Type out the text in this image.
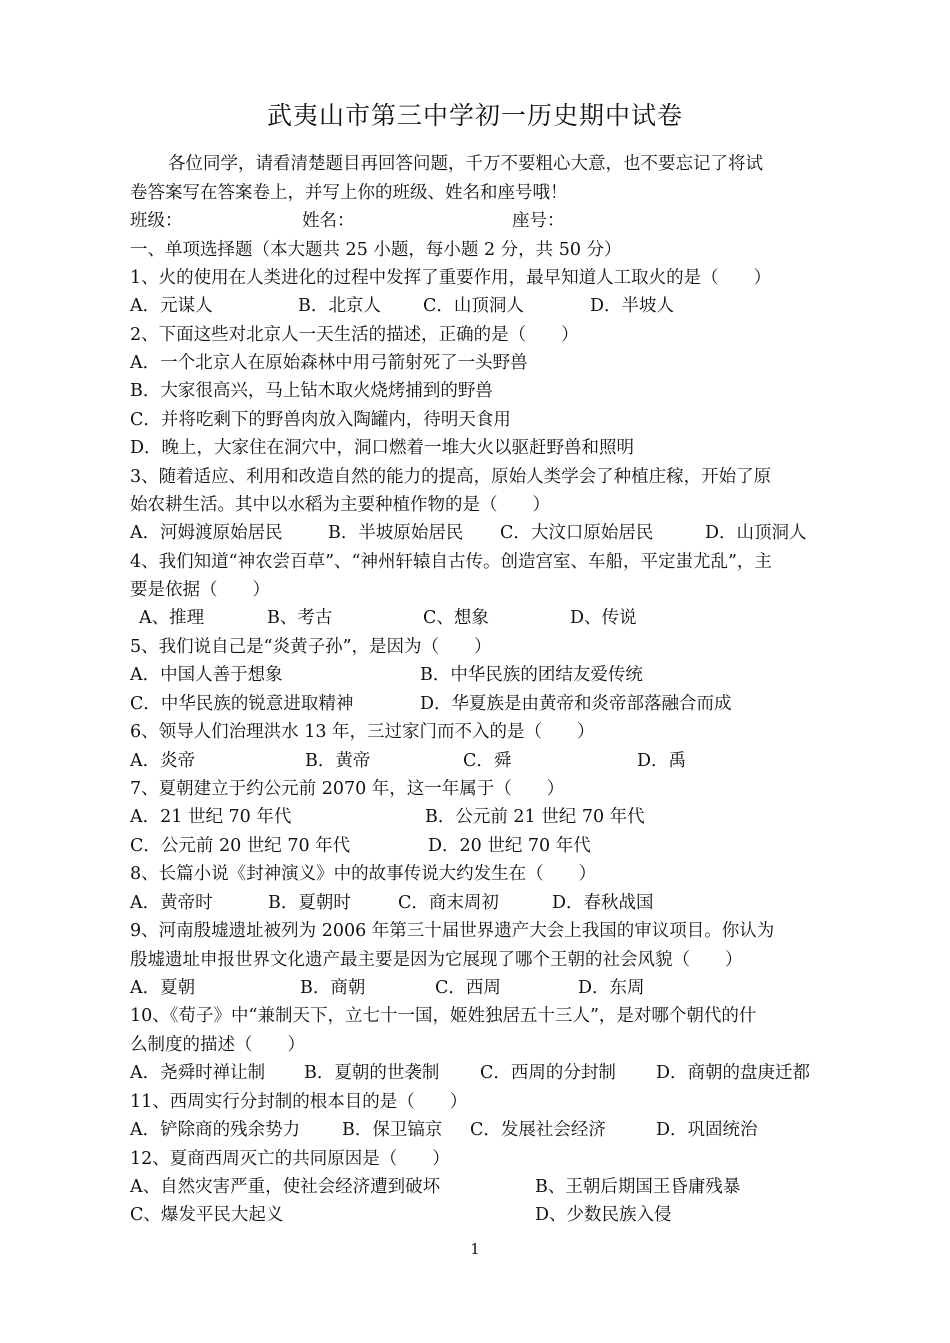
武夷山市第三中学初一历史期中试卷
各位同学，请看清楚题目再回答问题，千万不要粗心大意，也不要忘记了将试
卷答案写在答案卷上，并写上你的班级、姓名和座号哦！
班级：	姓名：	座号：
一、单项选择题（本大题共 25 小题，每小题 2 分，共 50 分）
1、火的使用在人类进化的过程中发挥了重要作用，最早知道人工取火的是（　　）
A．元谋人	B．北京人 C．山顶洞人	D．半坡人
2、下面这些对北京人一天生活的描述，正确的是（　　）
A．一个北京人在原始森林中用弓箭射死了一头野兽
B．大家很高兴，马上钻木取火烧烤捕到的野兽
C．并将吃剩下的野兽肉放入陶罐内，待明天食用
D．晚上，大家住在洞穴中，洞口燃着一堆大火以驱赶野兽和照明
3、随着适应、利用和改造自然的能力的提高，原始人类学会了种植庄稼，开始了原
始农耕生活。其中以水稻为主要种植作物的是（　　）
A．河姆渡原始居民	B．半坡原始居民 C．大汶口原始居民	D．山顶洞人
4、我们知道“神农尝百草”、“神州轩辕自古传。创造宫室、车船，平定蚩尤乱”，主
要是依据（　　）
A、推理	B、考古	C、想象	D、传说
5、我们说自己是“炎黄子孙”，是因为（　　）
A．中国人善于想象	B．中华民族的团结友爱传统
C．中华民族的锐意进取精神	D．华夏族是由黄帝和炎帝部落融合而成
6、领导人们治理洪水 13 年，三过家门而不入的是（　　）
A．炎帝	B．黄帝	C．舜	D．禹
7、夏朝建立于约公元前 2070 年，这一年属于（　　）
A．21 世纪 70 年代	B．公元前 21 世纪 70 年代
C．公元前 20 世纪 70 年代	D．20 世纪 70 年代
8、长篇小说《封神演义》中的故事传说大约发生在（　　）
A．黄帝时	B．夏朝时	C．商末周初	D．春秋战国
9、河南殷墟遗址被列为 2006 年第三十届世界遗产大会上我国的审议项目。你认为
殷墟遗址申报世界文化遗产最主要是因为它展现了哪个王朝的社会风貌（　　）
A．夏朝	B．商朝	C．西周	D．东周
10、《荀子》中“兼制天下，立七十一国，姬姓独居五十三人”，是对哪个朝代的什
么制度的描述（　　）
A．尧舜时禅让制 B．夏朝的世袭制 C．西周的分封制 D．商朝的盘庚迁都
11、西周实行分封制的根本目的是（　　）
A．铲除商的残余势力 B．保卫镐京 C．发展社会经济	D．巩固统治
12、夏商西周灭亡的共同原因是（　　）
A、自然灾害严重，使社会经济遭到破坏	B、王朝后期国王昏庸残暴
C、爆发平民大起义	D、少数民族入侵
1
